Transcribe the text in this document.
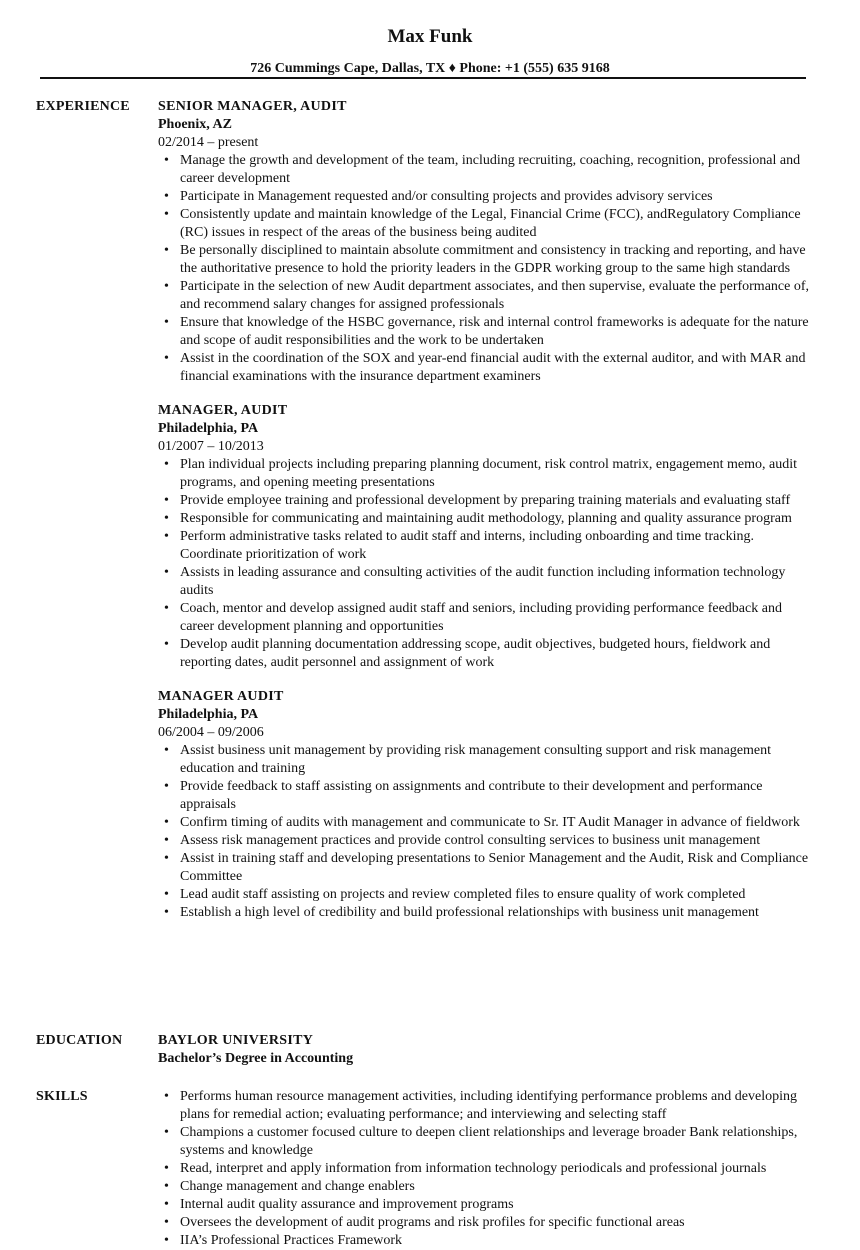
Max Funk
726 Cummings Cape, Dallas, TX ♦ Phone: +1 (555) 635 9168
EXPERIENCE SENIOR MANAGER, AUDIT
Phoenix, AZ
02/2014 – present
• Manage the growth and development of the team, including recruiting, coaching, recognition, professional and career development
• Participate in Management requested and/or consulting projects and provides advisory services
• Consistently update and maintain knowledge of the Legal, Financial Crime (FCC), andRegulatory Compliance (RC) issues in respect of the areas of the business being audited
• Be personally disciplined to maintain absolute commitment and consistency in tracking and reporting, and have the authoritative presence to hold the priority leaders in the GDPR working group to the same high standards
• Participate in the selection of new Audit department associates, and then supervise, evaluate the performance of, and recommend salary changes for assigned professionals
• Ensure that knowledge of the HSBC governance, risk and internal control frameworks is adequate for the nature and scope of audit responsibilities and the work to be undertaken
• Assist in the coordination of the SOX and year-end financial audit with the external auditor, and with MAR and financial examinations with the insurance department examiners
MANAGER, AUDIT
Philadelphia, PA
01/2007 – 10/2013
• Plan individual projects including preparing planning document, risk control matrix, engagement memo, audit programs, and opening meeting presentations
• Provide employee training and professional development by preparing training materials and evaluating staff
• Responsible for communicating and maintaining audit methodology, planning and quality assurance program
• Perform administrative tasks related to audit staff and interns, including onboarding and time tracking. Coordinate prioritization of work
• Assists in leading assurance and consulting activities of the audit function including information technology audits
• Coach, mentor and develop assigned audit staff and seniors, including providing performance feedback and career development planning and opportunities
• Develop audit planning documentation addressing scope, audit objectives, budgeted hours, fieldwork and reporting dates, audit personnel and assignment of work
MANAGER AUDIT
Philadelphia, PA
06/2004 – 09/2006
• Assist business unit management by providing risk management consulting support and risk management education and training
• Provide feedback to staff assisting on assignments and contribute to their development and performance appraisals
• Confirm timing of audits with management and communicate to Sr. IT Audit Manager in advance of fieldwork
• Assess risk management practices and provide control consulting services to business unit management
• Assist in training staff and developing presentations to Senior Management and the Audit, Risk and Compliance Committee
• Lead audit staff assisting on projects and review completed files to ensure quality of work completed
• Establish a high level of credibility and build professional relationships with business unit management
EDUCATION	BAYLOR UNIVERSITY
Bachelor’s Degree in Accounting
SKILLS
•	Performs human resource management activities, including identifying performance problems and developing plans for remedial action; evaluating performance; and interviewing and selecting staff
• Champions a customer focused culture to deepen client relationships and leverage broader Bank relationships, systems and knowledge
• Read, interpret and apply information from information technology periodicals and professional journals
• Change management and change enablers
• Internal audit quality assurance and improvement programs
• Oversees the development of audit programs and risk profiles for specific functional areas
• IIA’s Professional Practices Framework
